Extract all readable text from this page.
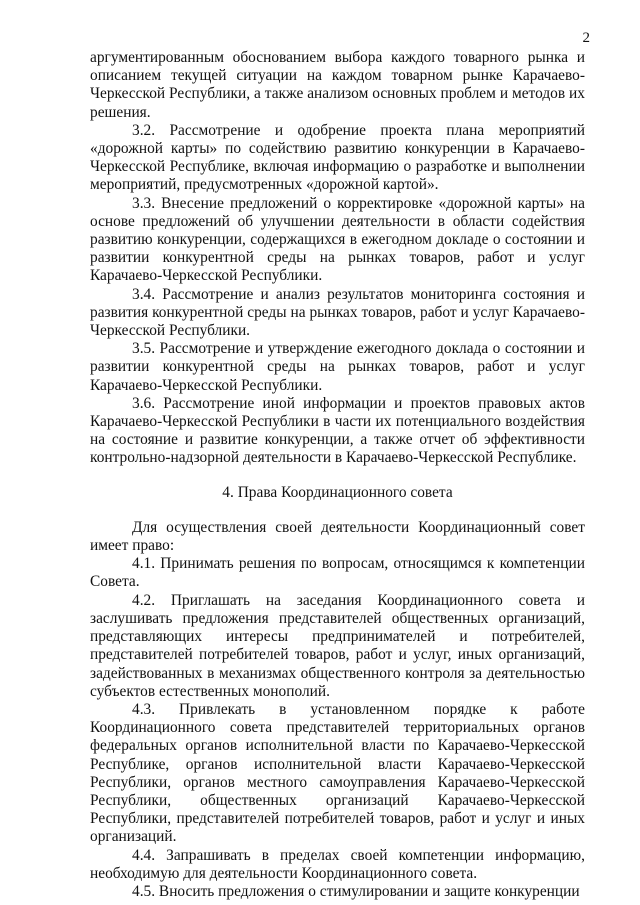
2

аргументированным обоснованием выбора каждого товарного рынка и описанием текущей ситуации на каждом товарном рынке Карачаево-Черкесской Республики, а также анализом основных проблем и методов их решения.

3.2. Рассмотрение и одобрение проекта плана мероприятий «дорожной карты» по содействию развитию конкуренции в Карачаево-Черкесской Республике, включая информацию о разработке и выполнении мероприятий, предусмотренных «дорожной картой».

3.3. Внесение предложений о корректировке «дорожной карты» на основе предложений об улучшении деятельности в области содействия развитию конкуренции, содержащихся в ежегодном докладе о состоянии и развитии конкурентной среды на рынках товаров, работ и услуг Карачаево-Черкесской Республики.

3.4. Рассмотрение и анализ результатов мониторинга состояния и развития конкурентной среды на рынках товаров, работ и услуг Карачаево-Черкесской Республики.

3.5. Рассмотрение и утверждение ежегодного доклада о состоянии и развитии конкурентной среды на рынках товаров, работ и услуг Карачаево-Черкесской Республики.

3.6. Рассмотрение иной информации и проектов правовых актов Карачаево-Черкесской Республики в части их потенциального воздействия на состояние и развитие конкуренции, а также отчет об эффективности контрольно-надзорной деятельности в Карачаево-Черкесской Республике.

4. Права Координационного совета

Для осуществления своей деятельности Координационный совет имеет право:

4.1. Принимать решения по вопросам, относящимся к компетенции Совета.

4.2. Приглашать на заседания Координационного совета и заслушивать предложения представителей общественных организаций, представляющих интересы предпринимателей и потребителей, представителей потребителей товаров, работ и услуг, иных организаций, задействованных в механизмах общественного контроля за деятельностью субъектов естественных монополий.

4.3. Привлекать в установленном порядке к работе Координационного совета представителей территориальных органов федеральных органов исполнительной власти по Карачаево-Черкесской Республике, органов исполнительной власти Карачаево-Черкесской Республики, органов местного самоуправления Карачаево-Черкесской Республики, общественных организаций Карачаево-Черкесской Республики, представителей потребителей товаров, работ и услуг и иных организаций.

4.4. Запрашивать в пределах своей компетенции информацию, необходимую для деятельности Координационного совета.

4.5. Вносить предложения о стимулировании и защите конкуренции
